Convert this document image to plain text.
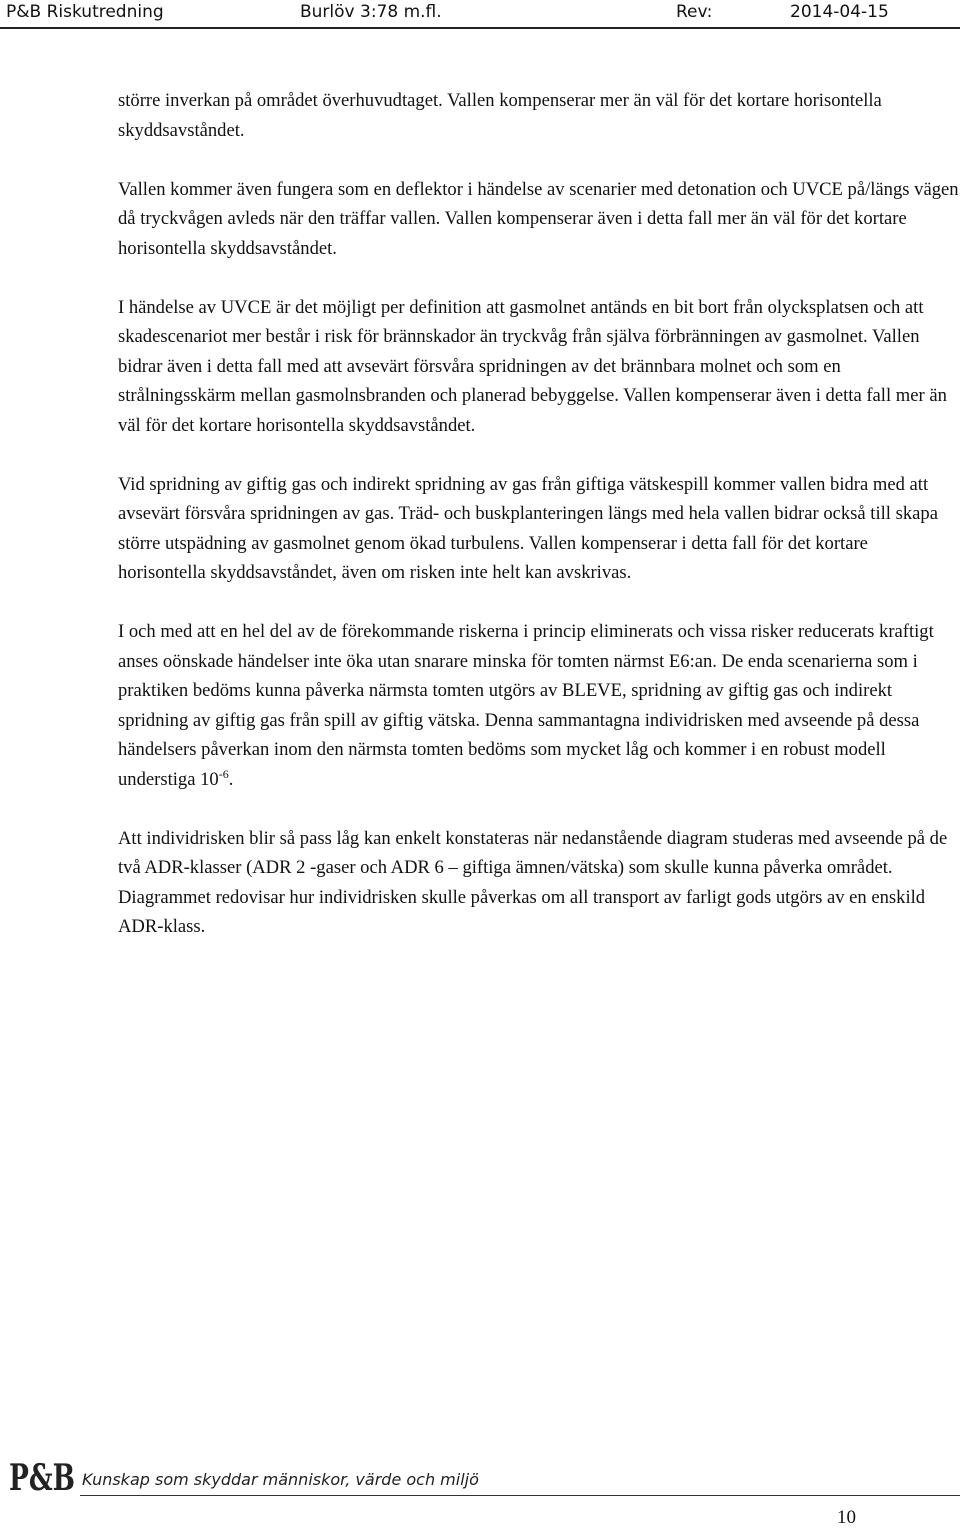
P&B Riskutredning	Burlöv 3:78 m.fl.	Rev:	2014-04-15

större inverkan på området överhuvudtaget. Vallen kompenserar mer än väl för det kortare horisontella skyddsavståndet.

Vallen kommer även fungera som en deflektor i händelse av scenarier med detonation och UVCE på/längs vägen då tryckvågen avleds när den träffar vallen. Vallen kompenserar även i detta fall mer än väl för det kortare horisontella skyddsavståndet.

I händelse av UVCE är det möjligt per definition att gasmolnet antänds en bit bort från olycksplatsen och att skadescenariot mer består i risk för brännskador än tryckvåg från själva förbränningen av gasmolnet. Vallen bidrar även i detta fall med att avsevärt försvåra spridningen av det brännbara molnet och som en strålningsskärm mellan gasmolnsbranden och planerad bebyggelse. Vallen kompenserar även i detta fall mer än väl för det kortare horisontella skyddsavståndet.

Vid spridning av giftig gas och indirekt spridning av gas från giftiga vätskespill kommer vallen bidra med att avsevärt försvåra spridningen av gas. Träd- och buskplanteringen längs med hela vallen bidrar också till skapa större utspädning av gasmolnet genom ökad turbulens. Vallen kompenserar i detta fall för det kortare horisontella skyddsavståndet, även om risken inte helt kan avskrivas.

I och med att en hel del av de förekommande riskerna i princip eliminerats och vissa risker reducerats kraftigt anses oönskade händelser inte öka utan snarare minska för tomten närmst E6:an. De enda scenarierna som i praktiken bedöms kunna påverka närmsta tomten utgörs av BLEVE, spridning av giftig gas och indirekt spridning av giftig gas från spill av giftig vätska. Denna sammantagna individrisken med avseende på dessa händelsers påverkan inom den närmsta tomten bedöms som mycket låg och kommer i en robust modell understiga $10^{-6}$.

Att individrisken blir så pass låg kan enkelt konstateras när nedanstående diagram studeras med avseende på de två ADR-klasser (ADR 2 -gaser och ADR 6 – giftiga ämnen/vätska) som skulle kunna påverka området. Diagrammet redovisar hur individrisken skulle påverkas om all transport av farligt gods utgörs av en enskild ADR-klass.

P&B Kunskap som skyddar människor, värde och miljö
10
